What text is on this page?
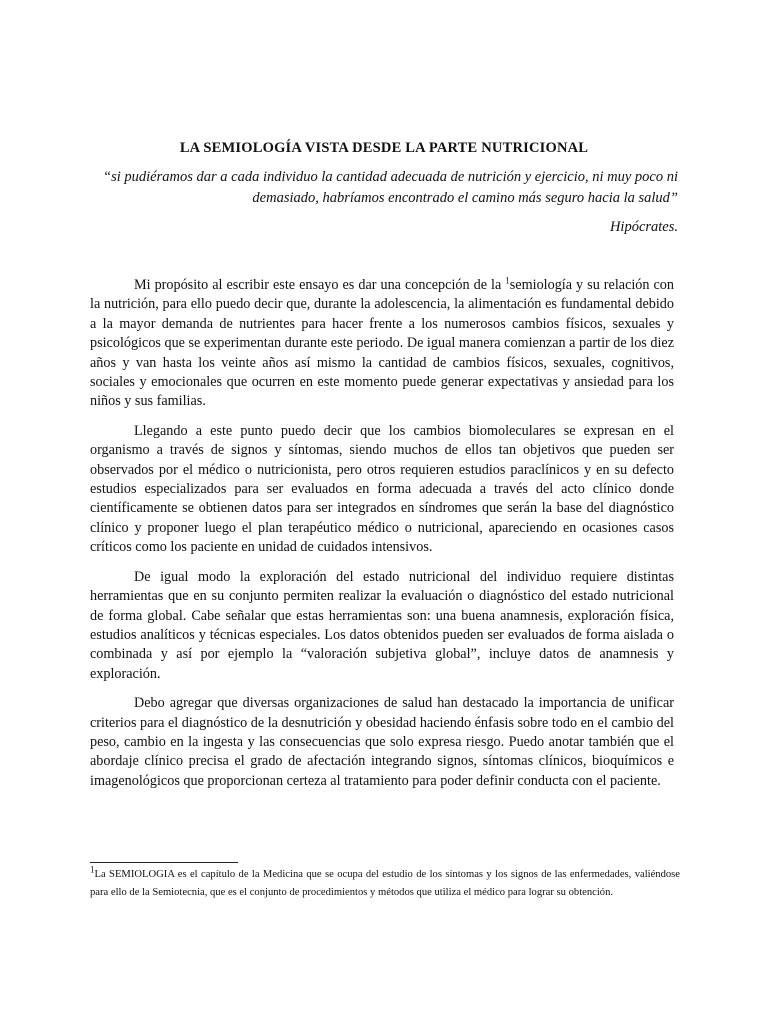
LA SEMIOLOGÍA VISTA DESDE LA PARTE NUTRICIONAL
“si pudiéramos dar a cada individuo la cantidad adecuada de nutrición y ejercicio, ni muy poco ni demasiado, habríamos encontrado el camino más seguro hacia la salud”
Hipócrates.

Mi propósito al escribir este ensayo es dar una concepción de la $^1$semiología y su relación con la nutrición, para ello puedo decir que, durante la adolescencia, la alimentación es fundamental debido a la mayor demanda de nutrientes para hacer frente a los numerosos cambios físicos, sexuales y psicológicos que se experimentan durante este periodo. De igual manera comienzan a partir de los diez años y van hasta los veinte años así mismo la cantidad de cambios físicos, sexuales, cognitivos, sociales y emocionales que ocurren en este momento puede generar expectativas y ansiedad para los niños y sus familias.

Llegando a este punto puedo decir que los cambios biomoleculares se expresan en el organismo a través de signos y síntomas, siendo muchos de ellos tan objetivos que pueden ser observados por el médico o nutricionista, pero otros requieren estudios paraclínicos y en su defecto estudios especializados para ser evaluados en forma adecuada a través del acto clínico donde científicamente se obtienen datos para ser integrados en síndromes que serán la base del diagnóstico clínico y proponer luego el plan terapéutico médico o nutricional, apareciendo en ocasiones casos críticos como los paciente en unidad de cuidados intensivos.

De igual modo la exploración del estado nutricional del individuo requiere distintas herramientas que en su conjunto permiten realizar la evaluación o diagnóstico del estado nutricional de forma global. Cabe señalar que estas herramientas son: una buena anamnesis, exploración física, estudios analíticos y técnicas especiales. Los datos obtenidos pueden ser evaluados de forma aislada o combinada y así por ejemplo la “valoración subjetiva global”, incluye datos de anamnesis y exploración.

Debo agregar que diversas organizaciones de salud han destacado la importancia de unificar criterios para el diagnóstico de la desnutrición y obesidad haciendo énfasis sobre todo en el cambio del peso, cambio en la ingesta y las consecuencias que solo expresa riesgo. Puedo anotar también que el abordaje clínico precisa el grado de afectación integrando signos, síntomas clínicos, bioquímicos e imagenológicos que proporcionan certeza al tratamiento para poder definir conducta con el paciente.

$^1$La SEMIOLOGIA es el capítulo de la Medicina que se ocupa del estudio de los síntomas y los signos de las enfermedades, valiéndose para ello de la Semiotecnia, que es el conjunto de procedimientos y métodos que utiliza el médico para lograr su obtención.
